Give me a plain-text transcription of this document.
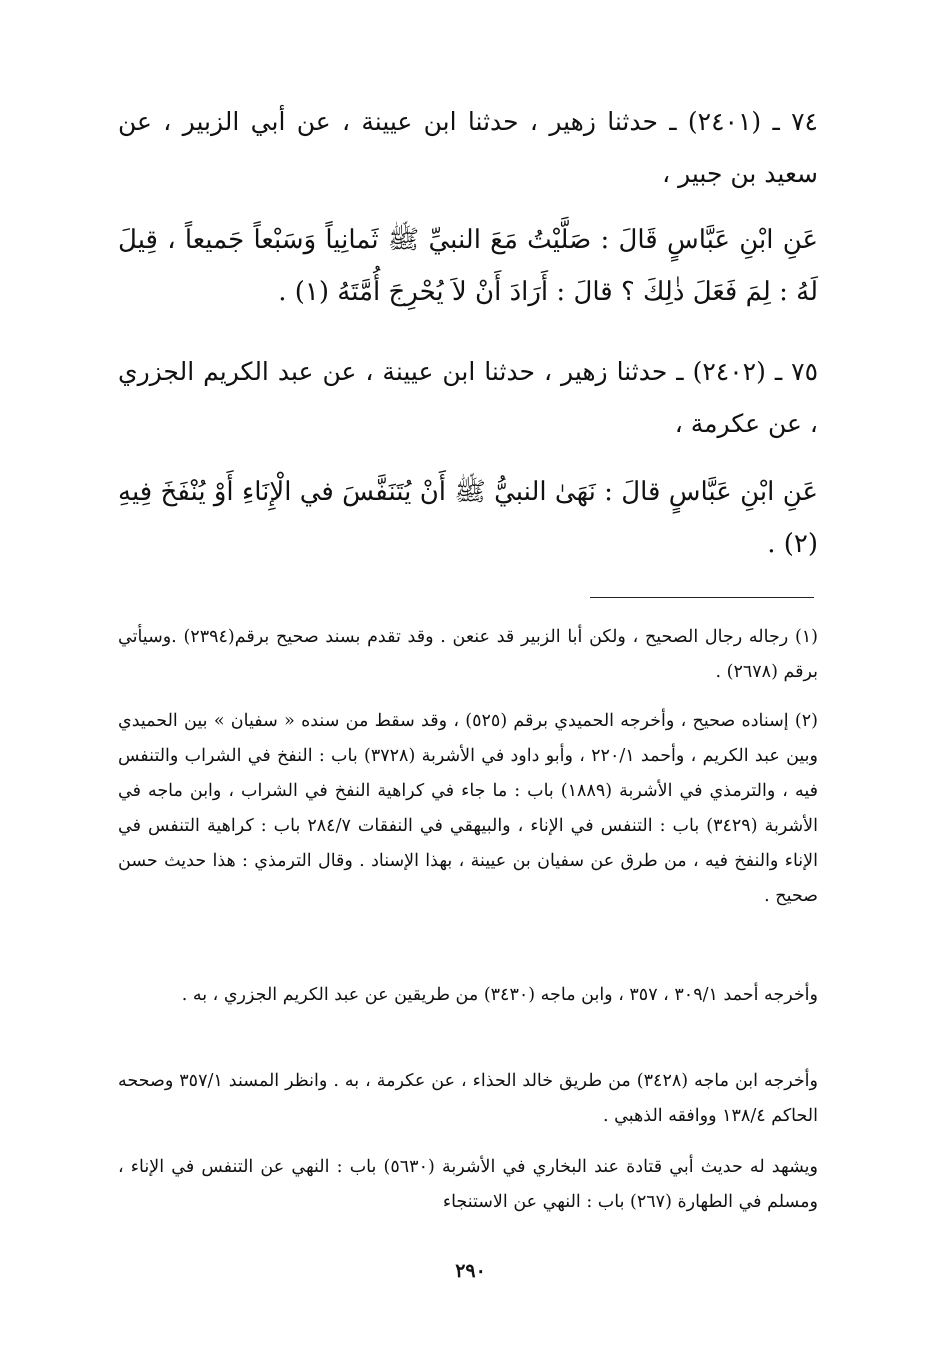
٧٤ ـ (٢٤٠١) ـ حدثنا زهير ، حدثنا ابن عيينة ، عن أبي الزبير ، عن سعيد بن جبير ،
عَنِ ابْنِ عَبَّاسٍ قَالَ : صَلَّيْتُ مَعَ النبيِّ ﷺ ثَمانِياً وَسَبْعاً جَميعاً ، قِيلَ لَهُ : لِمَ فَعَلَ ذٰلِكَ ؟ قالَ : أَرَادَ أَنْ لاَ يُحْرِجَ أُمَّتَهُ (١) .
٧٥ ـ (٢٤٠٢) ـ حدثنا زهير ، حدثنا ابن عيينة ، عن عبد الكريم الجزري ، عن عكرمة ،
عَنِ ابْنِ عَبَّاسٍ قالَ : نَهَىٰ النبيُّ ﷺ أَنْ يُتَنَفَّسَ في الْإِنَاءِ أَوْ يُنْفَخَ فِيهِ (٢) .
(١) رجاله رجال الصحيح ، ولكن أبا الزبير قد عنعن . وقد تقدم بسند صحيح برقم(٢٣٩٤) .وسيأتي برقم (٢٦٧٨) .
(٢) إسناده صحيح ، وأخرجه الحميدي برقم (٥٢٥) ، وقد سقط من سنده « سفيان » بين الحميدي وبين عبد الكريم ، وأحمد ٢٢٠/١ ، وأبو داود في الأشربة (٣٧٢٨) باب : النفخ في الشراب والتنفس فيه ، والترمذي في الأشربة (١٨٨٩) باب : ما جاء في كراهية النفخ في الشراب ، وابن ماجه في الأشربة (٣٤٢٩) باب : التنفس في الإناء ، والبيهقي في النفقات ٢٨٤/٧ باب : كراهية التنفس في الإناء والنفخ فيه ، من طرق عن سفيان بن عيينة ، بهذا الإسناد . وقال الترمذي : هذا حديث حسن صحيح .
وأخرجه أحمد ٣٠٩/١ ، ٣٥٧ ، وابن ماجه (٣٤٣٠) من طريقين عن عبد الكريم الجزري ، به .
وأخرجه ابن ماجه (٣٤٢٨) من طريق خالد الحذاء ، عن عكرمة ، به . وانظر المسند ٣٥٧/١ وصححه الحاكم ١٣٨/٤ ووافقه الذهبي .
ويشهد له حديث أبي قتادة عند البخاري في الأشربة (٥٦٣٠) باب : النهي عن التنفس في الإناء ، ومسلم في الطهارة (٢٦٧) باب : النهي عن الاستنجاء
٢٩٠
